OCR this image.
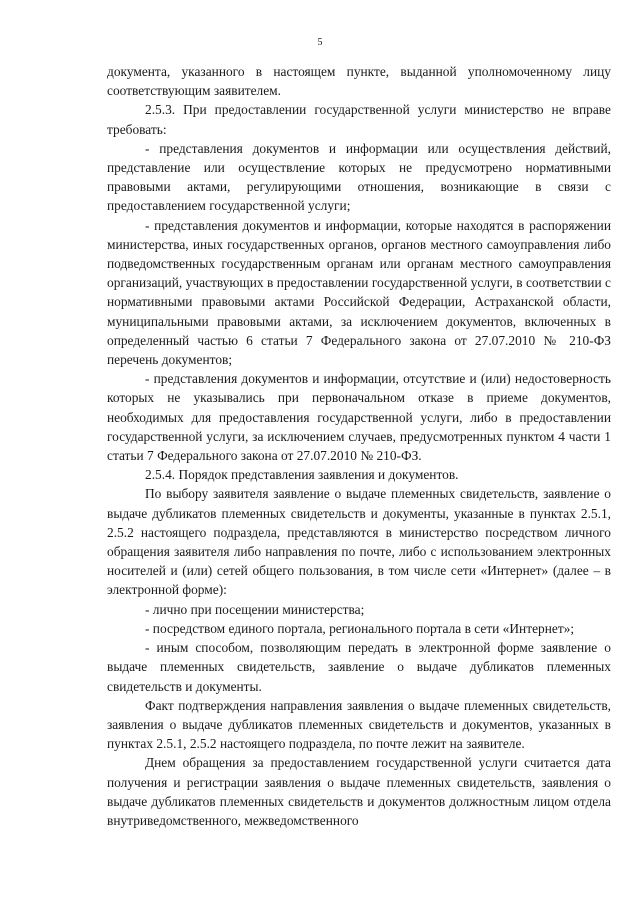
5

документа, указанного в настоящем пункте, выданной уполномоченному лицу соответствующим заявителем.

2.5.3. При предоставлении государственной услуги министерство не вправе требовать:

- представления документов и информации или осуществления действий, представление или осуществление которых не предусмотрено нормативными правовыми актами, регулирующими отношения, возникающие в связи с предоставлением государственной услуги;

- представления документов и информации, которые находятся в распоряжении министерства, иных государственных органов, органов местного самоуправления либо подведомственных государственным органам или органам местного самоуправления организаций, участвующих в предоставлении государственной услуги, в соответствии с нормативными правовыми актами Российской Федерации, Астраханской области, муниципальными правовыми актами, за исключением документов, включенных в определенный частью 6 статьи 7 Федерального закона от 27.07.2010 № 210-ФЗ перечень документов;

- представления документов и информации, отсутствие и (или) недостоверность которых не указывались при первоначальном отказе в приеме документов, необходимых для предоставления государственной услуги, либо в предоставлении государственной услуги, за исключением случаев, предусмотренных пунктом 4 части 1 статьи 7 Федерального закона от 27.07.2010 № 210-ФЗ.

2.5.4. Порядок представления заявления и документов.

По выбору заявителя заявление о выдаче племенных свидетельств, заявление о выдаче дубликатов племенных свидетельств и документы, указанные в пунктах 2.5.1, 2.5.2 настоящего подраздела, представляются в министерство посредством личного обращения заявителя либо направления по почте, либо с использованием электронных носителей и (или) сетей общего пользования, в том числе сети «Интернет» (далее – в электронной форме):

- лично при посещении министерства;

- посредством единого портала, регионального портала в сети «Интернет»;

- иным способом, позволяющим передать в электронной форме заявление о выдаче племенных свидетельств, заявление о выдаче дубликатов племенных свидетельств и документы.

Факт подтверждения направления заявления о выдаче племенных свидетельств, заявления о выдаче дубликатов племенных свидетельств и документов, указанных в пунктах 2.5.1, 2.5.2 настоящего подраздела, по почте лежит на заявителе.

Днем обращения за предоставлением государственной услуги считается дата получения и регистрации заявления о выдаче племенных свидетельств, заявления о выдаче дубликатов племенных свидетельств и документов должностным лицом отдела внутриведомственного, межведомственного
